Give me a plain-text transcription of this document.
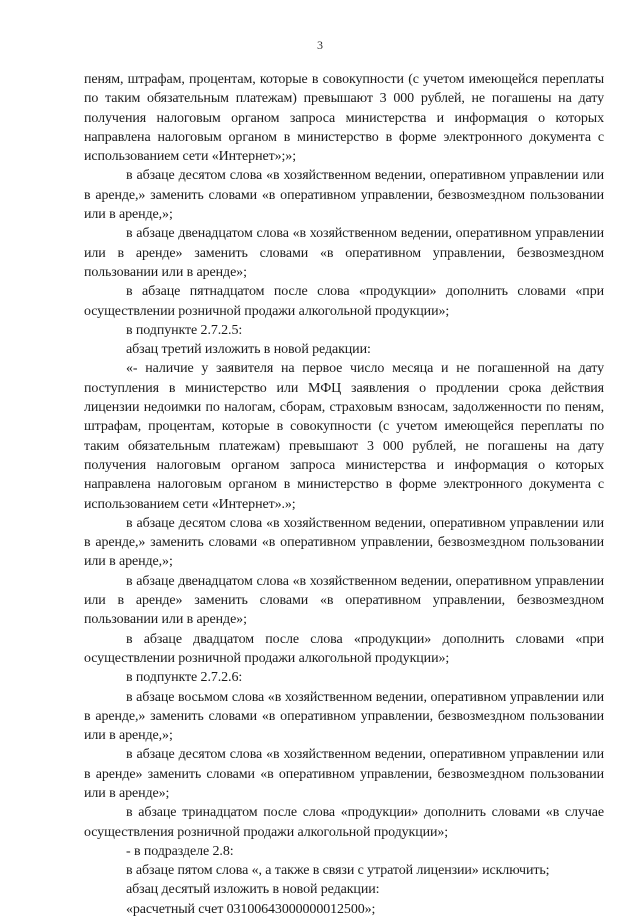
3

пеням, штрафам, процентам, которые в совокупности (с учетом имеющейся переплаты по таким обязательным платежам) превышают 3 000 рублей, не погашены на дату получения налоговым органом запроса министерства и информация о которых направлена налоговым органом в министерство в форме электронного документа с использованием сети «Интернет»;»;

в абзаце десятом слова «в хозяйственном ведении, оперативном управлении или в аренде,» заменить словами «в оперативном управлении, безвозмездном пользовании или в аренде,»;

в абзаце двенадцатом слова «в хозяйственном ведении, оперативном управлении или в аренде» заменить словами «в оперативном управлении, безвозмездном пользовании или в аренде»;

в абзаце пятнадцатом после слова «продукции» дополнить словами «при осуществлении розничной продажи алкогольной продукции»;

в подпункте 2.7.2.5:

абзац третий изложить в новой редакции:

«- наличие у заявителя на первое число месяца и не погашенной на дату поступления в министерство или МФЦ заявления о продлении срока действия лицензии недоимки по налогам, сборам, страховым взносам, задолженности по пеням, штрафам, процентам, которые в совокупности (с учетом имеющейся переплаты по таким обязательным платежам) превышают 3 000 рублей, не погашены на дату получения налоговым органом запроса министерства и информация о которых направлена налоговым органом в министерство в форме электронного документа с использованием сети «Интернет».»;

в абзаце десятом слова «в хозяйственном ведении, оперативном управлении или в аренде,» заменить словами «в оперативном управлении, безвозмездном пользовании или в аренде,»;

в абзаце двенадцатом слова «в хозяйственном ведении, оперативном управлении или в аренде» заменить словами «в оперативном управлении, безвозмездном пользовании или в аренде»;

в абзаце двадцатом после слова «продукции» дополнить словами «при осуществлении розничной продажи алкогольной продукции»;

в подпункте 2.7.2.6:

в абзаце восьмом слова «в хозяйственном ведении, оперативном управлении или в аренде,» заменить словами «в оперативном управлении, безвозмездном пользовании или в аренде,»;

в абзаце десятом слова «в хозяйственном ведении, оперативном управлении или в аренде» заменить словами «в оперативном управлении, безвозмездном пользовании или в аренде»;

в абзаце тринадцатом после слова «продукции» дополнить словами «в случае осуществления розничной продажи алкогольной продукции»;

- в подразделе 2.8:

в абзаце пятом слова «, а также в связи с утратой лицензии» исключить;

абзац десятый изложить в новой редакции:

«расчетный счет 03100643000000012500»;
